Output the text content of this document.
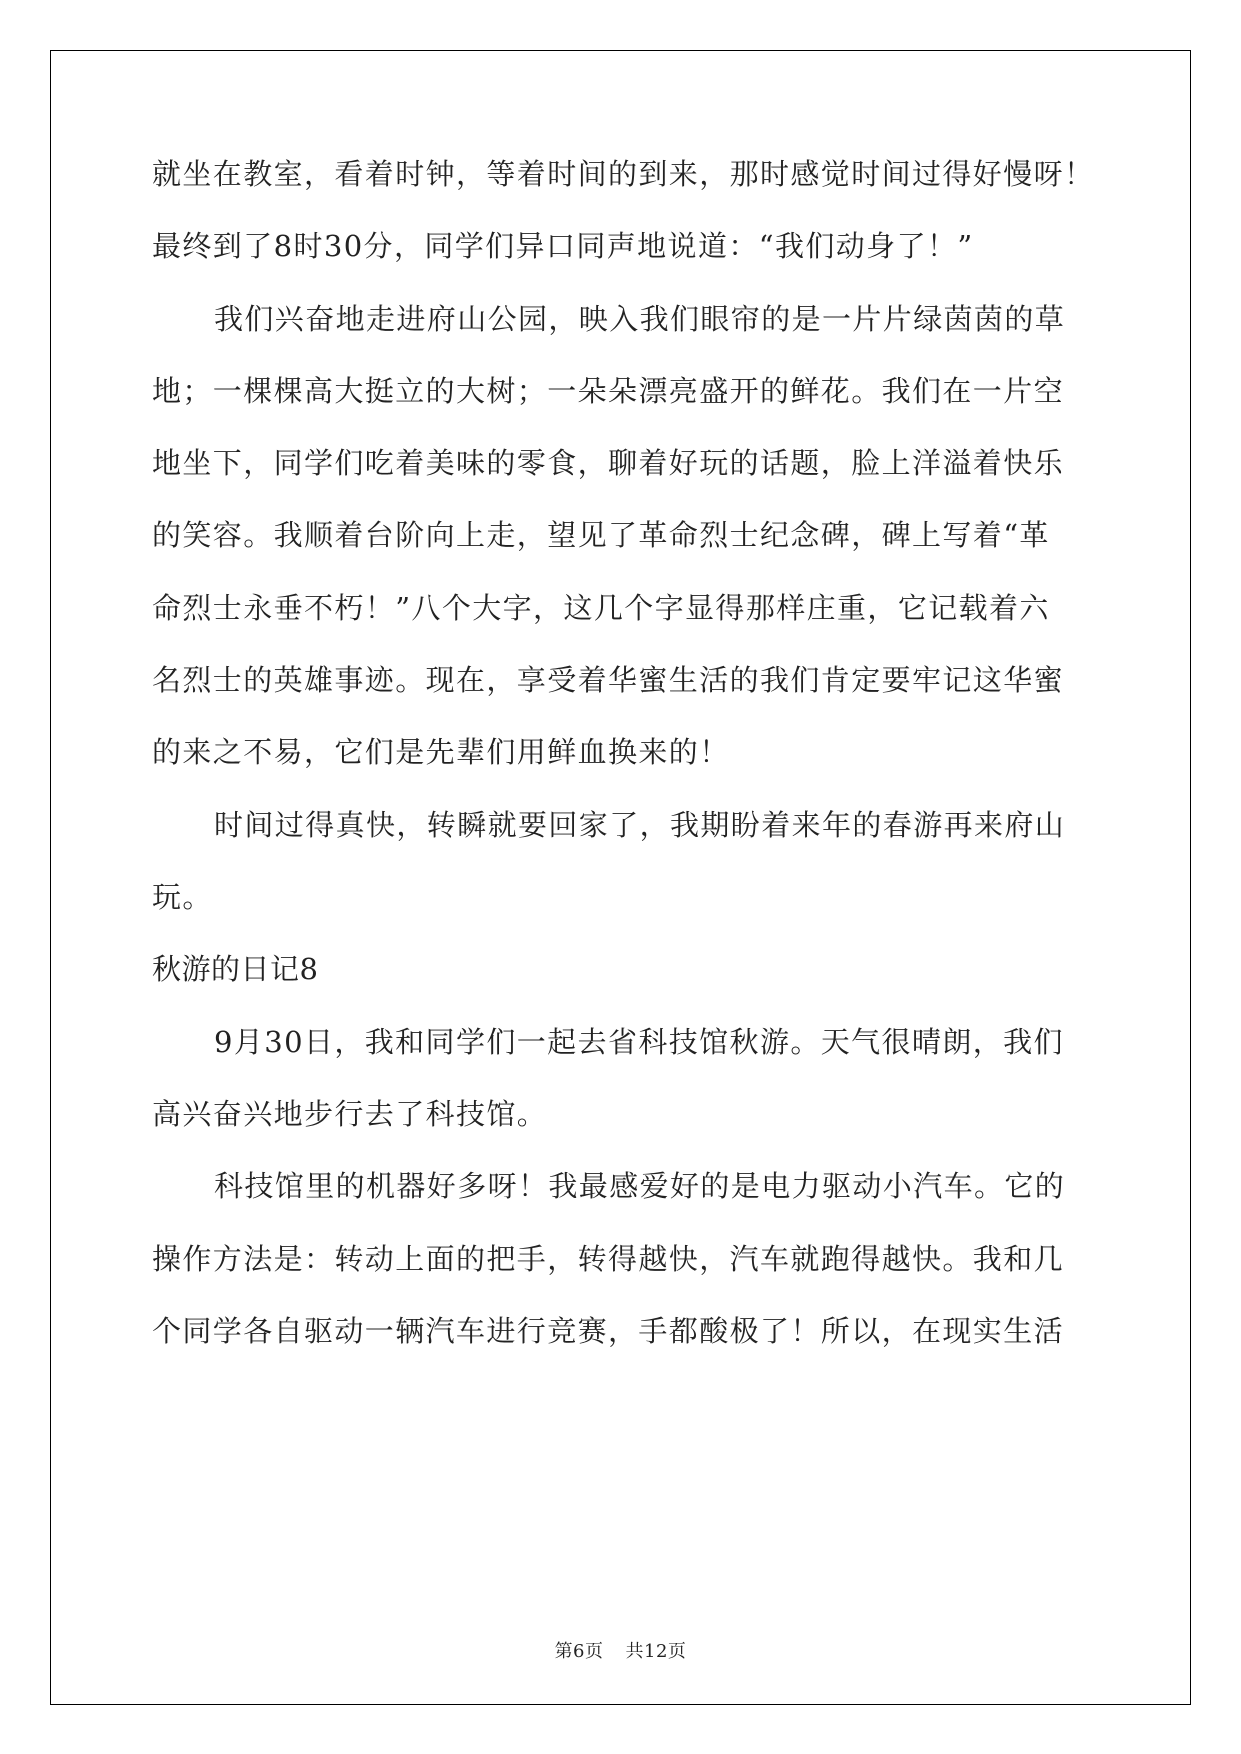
就坐在教室，看着时钟，等着时间的到来，那时感觉时间过得好慢呀！
最终到了8时30分，同学们异口同声地说道：“我们动身了！”
我们兴奋地走进府山公园，映入我们眼帘的是一片片绿茵茵的草
地；一棵棵高大挺立的大树；一朵朵漂亮盛开的鲜花。我们在一片空
地坐下，同学们吃着美味的零食，聊着好玩的话题，脸上洋溢着快乐
的笑容。我顺着台阶向上走，望见了革命烈士纪念碑，碑上写着“革
命烈士永垂不朽！”八个大字，这几个字显得那样庄重，它记载着六
名烈士的英雄事迹。现在，享受着华蜜生活的我们肯定要牢记这华蜜
的来之不易，它们是先辈们用鲜血换来的！
时间过得真快，转瞬就要回家了，我期盼着来年的春游再来府山
玩。
秋游的日记8
9月30日，我和同学们一起去省科技馆秋游。天气很晴朗，我们
高兴奋兴地步行去了科技馆。
科技馆里的机器好多呀！我最感爱好的是电力驱动小汽车。它的
操作方法是：转动上面的把手，转得越快，汽车就跑得越快。我和几
个同学各自驱动一辆汽车进行竞赛，手都酸极了！所以，在现实生活
第6页 共12页
